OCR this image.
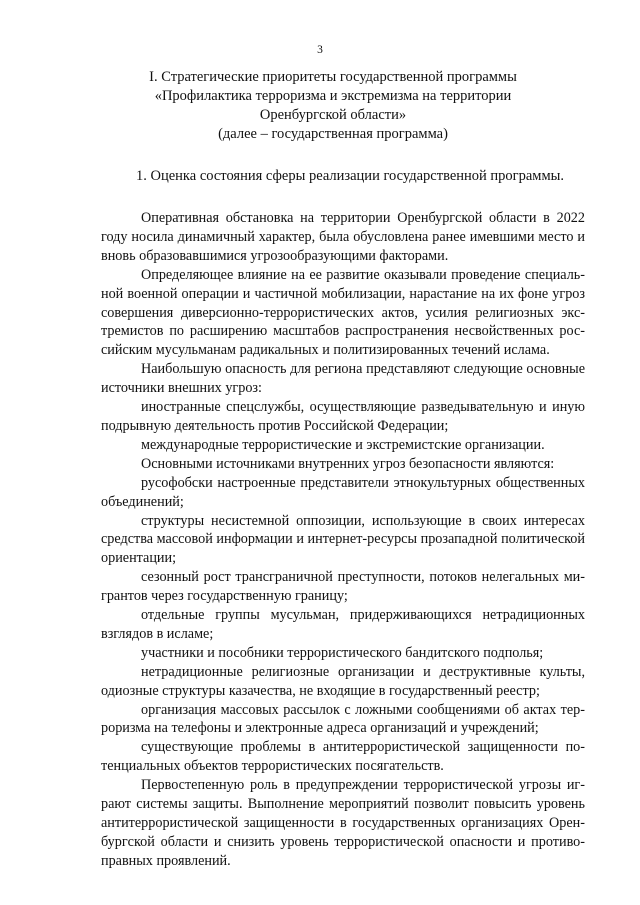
3
I. Стратегические приоритеты государственной программы
«Профилактика терроризма и экстремизма на территории
Оренбургской области»
(далее – государственная программа)
1. Оценка состояния сферы реализации государственной программы.

Оперативная обстановка на территории Оренбургской области в 2022 году носила динамичный характер, была обусловлена ранее имевшими место и вновь образовавшимися угрозообразующими факторами.

Определяющее влияние на ее развитие оказывали проведение специальной военной операции и частичной мобилизации, нарастание на их фоне угроз совершения диверсионно-террористических актов, усилия религиозных экстремистов по расширению масштабов распространения несвойственных российским мусульманам радикальных и политизированных течений ислама.

Наибольшую опасность для региона представляют следующие основные источники внешних угроз:

иностранные спецслужбы, осуществляющие разведывательную и иную подрывную деятельность против Российской Федерации;

международные террористические и экстремистские организации.

Основными источниками внутренних угроз безопасности являются:

русофобски настроенные представители этнокультурных общественных объединений;

структуры несистемной оппозиции, использующие в своих интересах средства массовой информации и интернет-ресурсы прозападной политической ориентации;

сезонный рост трансграничной преступности, потоков нелегальных мигрантов через государственную границу;

отдельные группы мусульман, придерживающихся нетрадиционных взглядов в исламе;

участники и пособники террористического бандитского подполья;

нетрадиционные религиозные организации и деструктивные культы, одиозные структуры казачества, не входящие в государственный реестр;

организация массовых рассылок с ложными сообщениями об актах терроризма на телефоны и электронные адреса организаций и учреждений;

существующие проблемы в антитеррористической защищенности потенциальных объектов террористических посягательств.

Первостепенную роль в предупреждении террористической угрозы играют системы защиты. Выполнение мероприятий позволит повысить уровень антитеррористической защищенности в государственных организациях Оренбургской области и снизить уровень террористической опасности и противоправных проявлений.
